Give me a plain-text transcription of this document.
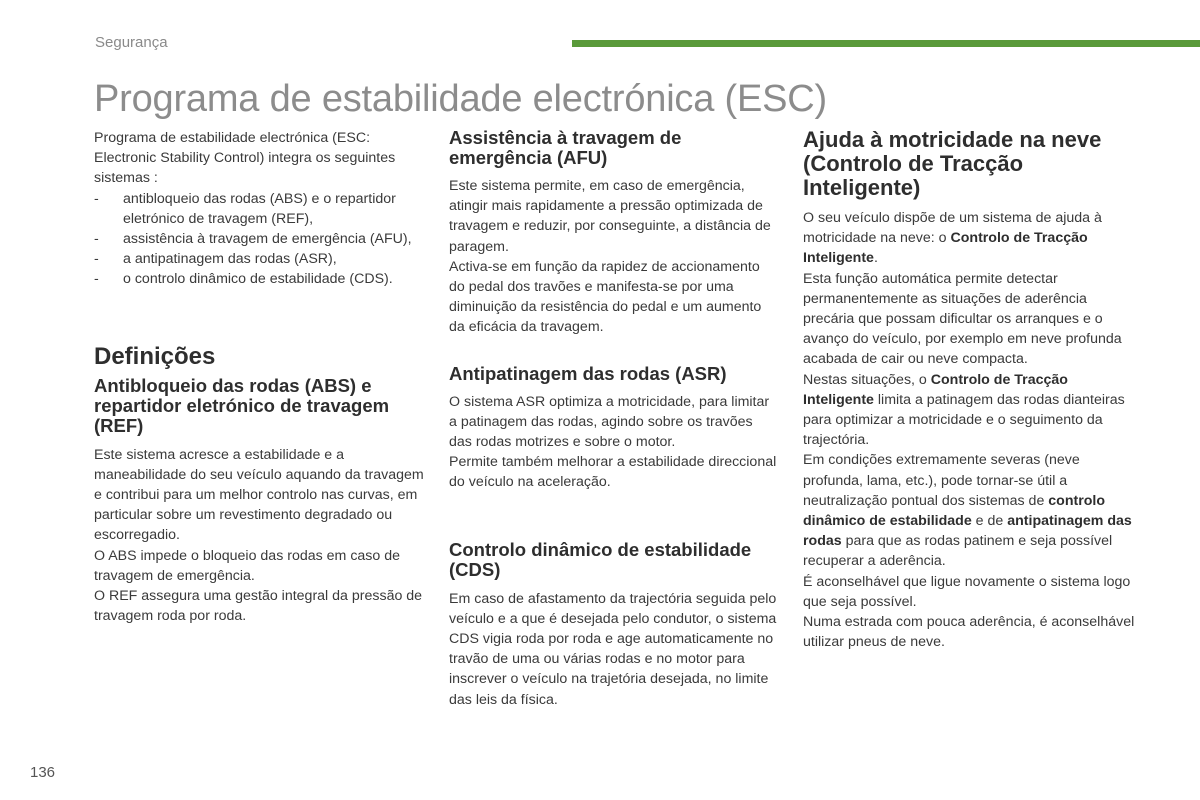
Segurança
Programa de estabilidade electrónica (ESC)

Programa de estabilidade electrónica (ESC: Electronic Stability Control) integra os seguintes sistemas :

- antibloqueio das rodas (ABS) e o repartidor eletrónico de travagem (REF),
- assistência à travagem de emergência (AFU),
- a antipatinagem das rodas (ASR),
- o controlo dinâmico de estabilidade (CDS).
Definições
Antibloqueio das rodas (ABS) e repartidor eletrónico de travagem (REF)

Este sistema acresce a estabilidade e a maneabilidade do seu veículo aquando da travagem e contribui para um melhor controlo nas curvas, em particular sobre um revestimento degradado ou escorregadio.

O ABS impede o bloqueio das rodas em caso de travagem de emergência.

O REF assegura uma gestão integral da pressão de travagem roda por roda.

Assistência à travagem de emergência (AFU)

Este sistema permite, em caso de emergência, atingir mais rapidamente a pressão optimizada de travagem e reduzir, por conseguinte, a distância de paragem.

Activa-se em função da rapidez de accionamento do pedal dos travões e manifesta-se por uma diminuição da resistência do pedal e um aumento da eficácia da travagem.

Antipatinagem das rodas (ASR)

O sistema ASR optimiza a motricidade, para limitar a patinagem das rodas, agindo sobre os travões das rodas motrizes e sobre o motor.

Permite também melhorar a estabilidade direccional do veículo na aceleração.

Controlo dinâmico de estabilidade (CDS)

Em caso de afastamento da trajectória seguida pelo veículo e a que é desejada pelo condutor, o sistema CDS vigia roda por roda e age automaticamente no travão de uma ou várias rodas e no motor para inscrever o veículo na trajetória desejada, no limite das leis da física.

Ajuda à motricidade na neve (Controlo de Tracção Inteligente)

O seu veículo dispõe de um sistema de ajuda à motricidade na neve: o Controlo de Tracção Inteligente.

Esta função automática permite detectar permanentemente as situações de aderência precária que possam dificultar os arranques e o avanço do veículo, por exemplo em neve profunda acabada de cair ou neve compacta.

Nestas situações, o Controlo de Tracção Inteligente limita a patinagem das rodas dianteiras para optimizar a motricidade e o seguimento da trajectória.

Em condições extremamente severas (neve profunda, lama, etc.), pode tornar-se útil a neutralização pontual dos sistemas de controlo dinâmico de estabilidade e de antipatinagem das rodas para que as rodas patinem e seja possível recuperar a aderência.

É aconselhável que ligue novamente o sistema logo que seja possível.

Numa estrada com pouca aderência, é aconselhável utilizar pneus de neve.

136
